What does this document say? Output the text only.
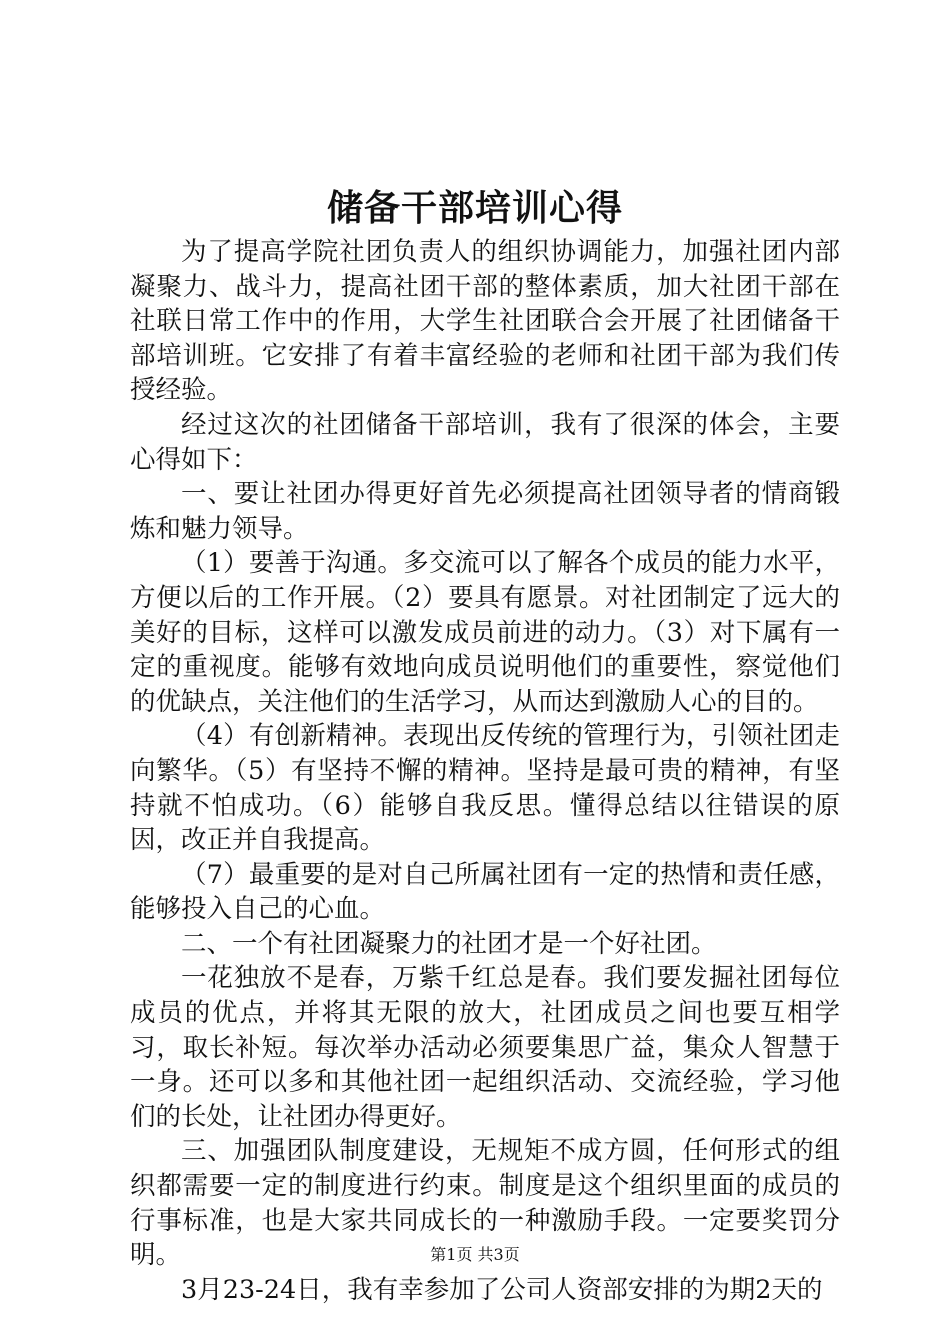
储备干部培训心得

为了提高学院社团负责人的组织协调能力，加强社团内部凝聚力、战斗力，提高社团干部的整体素质，加大社团干部在社联日常工作中的作用，大学生社团联合会开展了社团储备干部培训班。它安排了有着丰富经验的老师和社团干部为我们传授经验。

经过这次的社团储备干部培训，我有了很深的体会，主要心得如下：

一、要让社团办得更好首先必须提高社团领导者的情商锻炼和魅力领导。

（1）要善于沟通。多交流可以了解各个成员的能力水平，方便以后的工作开展。（2）要具有愿景。对社团制定了远大的美好的目标，这样可以激发成员前进的动力。（3）对下属有一定的重视度。能够有效地向成员说明他们的重要性，察觉他们的优缺点，关注他们的生活学习，从而达到激励人心的目的。

（4）有创新精神。表现出反传统的管理行为，引领社团走向繁华。（5）有坚持不懈的精神。坚持是最可贵的精神，有坚持就不怕成功。（6）能够自我反思。懂得总结以往错误的原因，改正并自我提高。

（7）最重要的是对自己所属社团有一定的热情和责任感，能够投入自己的心血。

二、一个有社团凝聚力的社团才是一个好社团。

一花独放不是春，万紫千红总是春。我们要发掘社团每位成员的优点，并将其无限的放大，社团成员之间也要互相学习，取长补短。每次举办活动必须要集思广益，集众人智慧于一身。还可以多和其他社团一起组织活动、交流经验，学习他们的长处，让社团办得更好。

三、加强团队制度建设，无规矩不成方圆，任何形式的组织都需要一定的制度进行约束。制度是这个组织里面的成员的行事标准，也是大家共同成长的一种激励手段。一定要奖罚分明。

3月23-24日，我有幸参加了公司人资部安排的为期2天的

第1页 共3页
